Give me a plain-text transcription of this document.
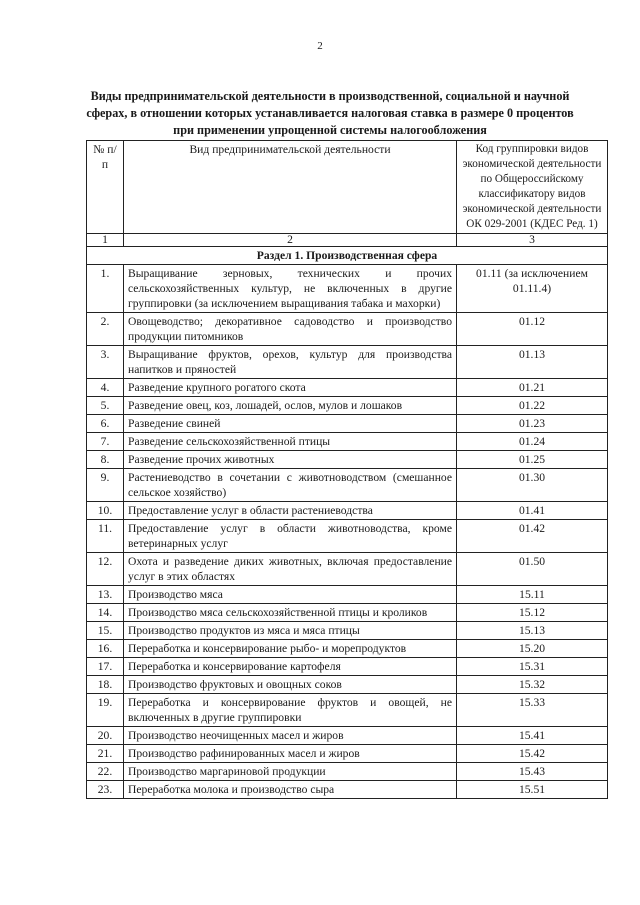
2
Виды предпринимательской деятельности в производственной, социальной и научной сферах, в отношении которых устанавливается налоговая ставка в размере 0 процентов при применении упрощенной системы налогообложения
№ п/п	Вид предпринимательской деятельности	Код группировки видов экономической деятельности по Общероссийскому классификатору видов экономической деятельности ОК 029-2001 (КДЕС Ред. 1)
1	2	3
Раздел 1. Производственная сфера		
1.	Выращивание зерновых, технических и прочих сельскохозяйственных культур, не включенных в другие группировки (за исключением выращивания табака и махорки)	01.11 (за исключением 01.11.4)
2.	Овощеводство; декоративное садоводство и производство продукции питомников	01.12
3.	Выращивание фруктов, орехов, культур для производства напитков и пряностей	01.13
4.	Разведение крупного рогатого скота	01.21
5.	Разведение овец, коз, лошадей, ослов, мулов и лошаков	01.22
6.	Разведение свиней	01.23
7.	Разведение сельскохозяйственной птицы	01.24
8.	Разведение прочих животных	01.25
9.	Растениеводство в сочетании с животноводством (смешанное сельское хозяйство)	01.30
10.	Предоставление услуг в области растениеводства	01.41
11.	Предоставление услуг в области животноводства, кроме ветеринарных услуг	01.42
12.	Охота и разведение диких животных, включая предоставление услуг в этих областях	01.50
13.	Производство мяса	15.11
14.	Производство мяса сельскохозяйственной птицы и кроликов	15.12
15.	Производство продуктов из мяса и мяса птицы	15.13
16.	Переработка и консервирование рыбо- и морепродуктов	15.20
17.	Переработка и консервирование картофеля	15.31
18.	Производство фруктовых и овощных соков	15.32
19.	Переработка и консервирование фруктов и овощей, не включенных в другие группировки	15.33
20.	Производство неочищенных масел и жиров	15.41
21.	Производство рафинированных масел и жиров	15.42
22.	Производство маргариновой продукции	15.43
23.	Переработка молока и производство сыра	15.51
